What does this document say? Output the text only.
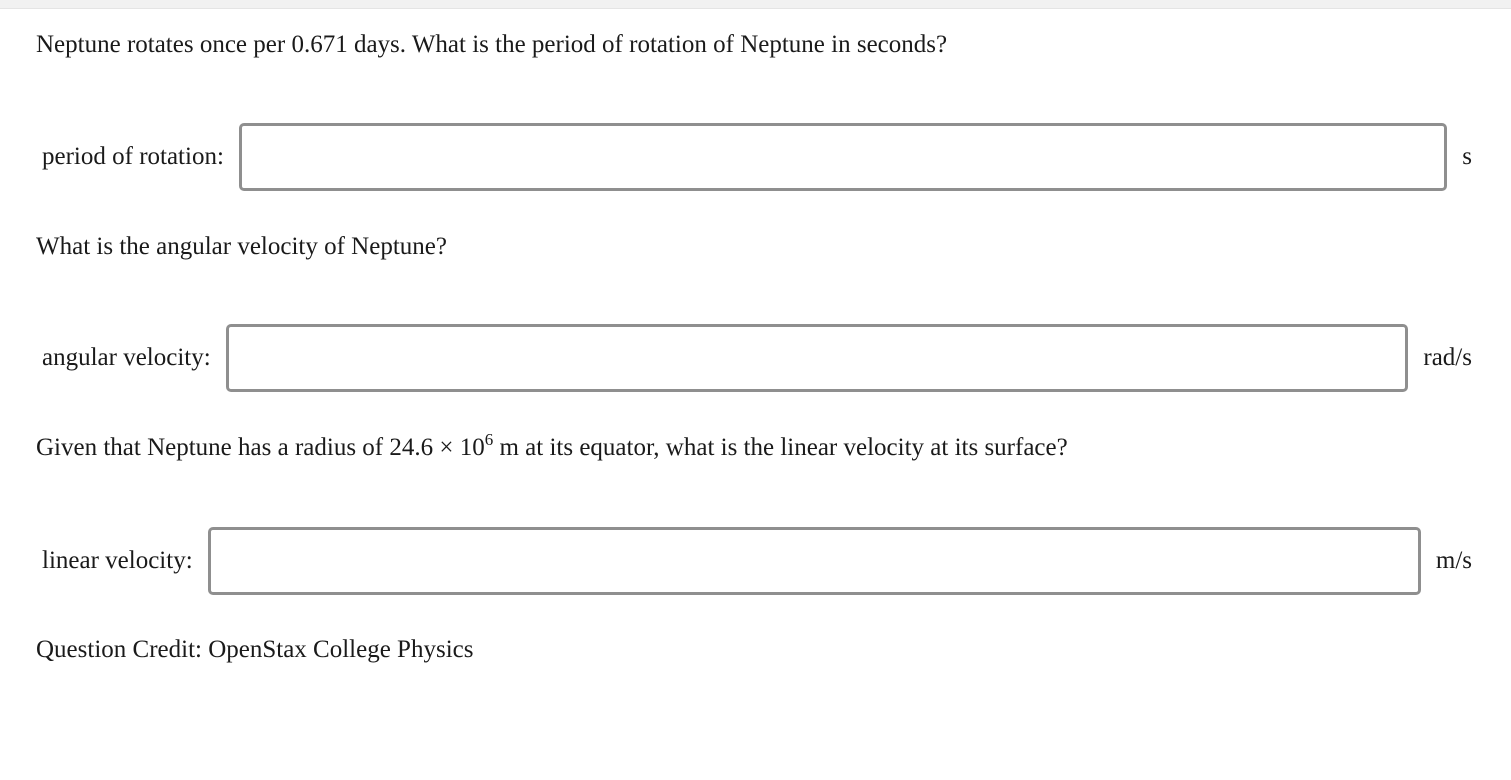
Neptune rotates once per 0.671 days. What is the period of rotation of Neptune in seconds?
period of rotation:	s
What is the angular velocity of Neptune?
angular velocity:	rad/s
Given that Neptune has a radius of $24.6 \times 10^6$ m at its equator, what is the linear velocity at its surface?
linear velocity:	m/s
Question Credit: OpenStax College Physics
